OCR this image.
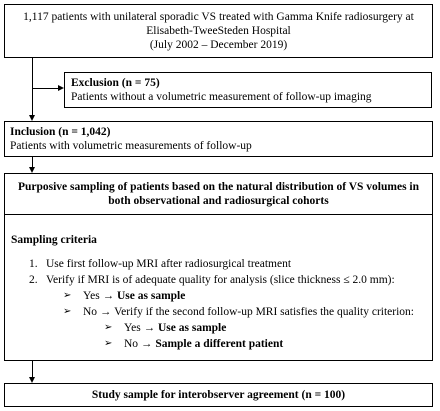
1,117 patients with unilateral sporadic VS treated with Gamma Knife radiosurgery at
Elisabeth-TweeSteden Hospital
(July 2002 – December 2019)
Exclusion (n = 75)
Patients without a volumetric measurement of follow-up imaging
Inclusion (n = 1,042)
Patients with volumetric measurements of follow-up
Purposive sampling of patients based on the natural distribution of VS volumes in
both observational and radiosurgical cohorts
Sampling criteria
1. Use first follow-up MRI after radiosurgical treatment
2. Verify if MRI is of adequate quality for analysis (slice thickness ≤ 2.0 mm):
➢ Yes → Use as sample
➢ No → Verify if the second follow-up MRI satisfies the quality criterion:
➢ Yes → Use as sample
➢ No → Sample a different patient
Study sample for interobserver agreement (n = 100)
